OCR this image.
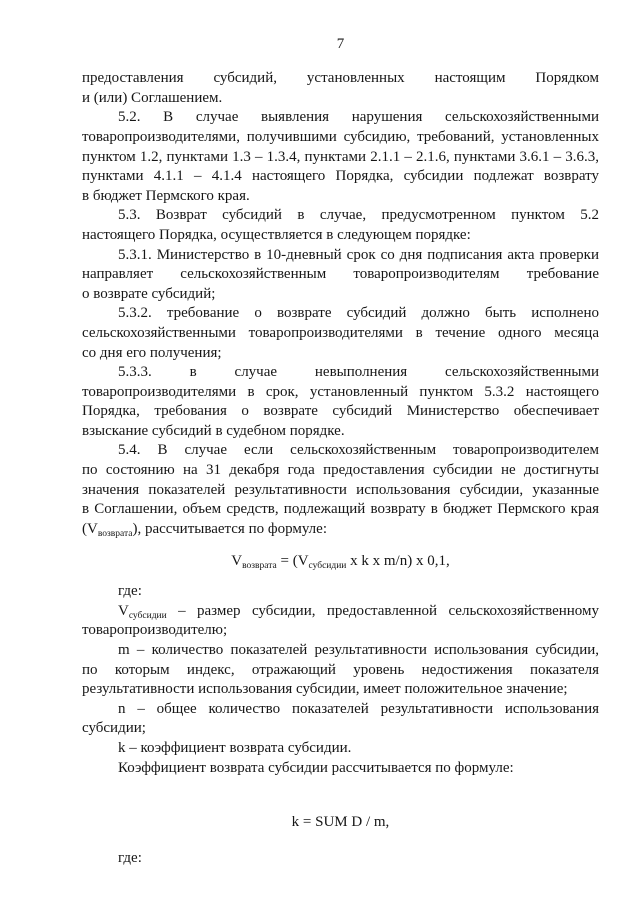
7
предоставления субсидий, установленных настоящим Порядком
и (или) Соглашением.
5.2. В случае выявления нарушения сельскохозяйственными
товаропроизводителями, получившими субсидию, требований, установленных
пунктом 1.2, пунктами 1.3 – 1.3.4, пунктами 2.1.1 – 2.1.6, пунктами 3.6.1 – 3.6.3,
пунктами 4.1.1 – 4.1.4 настоящего Порядка, субсидии подлежат возврату
в бюджет Пермского края.
5.3. Возврат субсидий в случае, предусмотренном пунктом 5.2
настоящего Порядка, осуществляется в следующем порядке:
5.3.1. Министерство в 10-дневный срок со дня подписания акта проверки
направляет сельскохозяйственным товаропроизводителям требование
о возврате субсидий;
5.3.2. требование о возврате субсидий должно быть исполнено
сельскохозяйственными товаропроизводителями в течение одного месяца
со дня его получения;
5.3.3. в случае невыполнения сельскохозяйственными
товаропроизводителями в срок, установленный пунктом 5.3.2 настоящего
Порядка, требования о возврате субсидий Министерство обеспечивает
взыскание субсидий в судебном порядке.
5.4. В случае если сельскохозяйственным товаропроизводителем
по состоянию на 31 декабря года предоставления субсидии не достигнуты
значения показателей результативности использования субсидии, указанные
в Соглашении, объем средств, подлежащий возврату в бюджет Пермского края
$(V_{возврата})$, рассчитывается по формуле:
$V_{возврата} = (V_{субсидии}$ x k x m/n) x 0,1,
где:
$V_{субсидии}$ – размер субсидии, предоставленной сельскохозяйственному
товаропроизводителю;
m – количество показателей результативности использования субсидии,
по которым индекс, отражающий уровень недостижения показателя
результативности использования субсидии, имеет положительное значение;
n – общее количество показателей результативности использования
субсидии;
k – коэффициент возврата субсидии.
Коэффициент возврата субсидии рассчитывается по формуле:
k = SUM D / m,
где:
